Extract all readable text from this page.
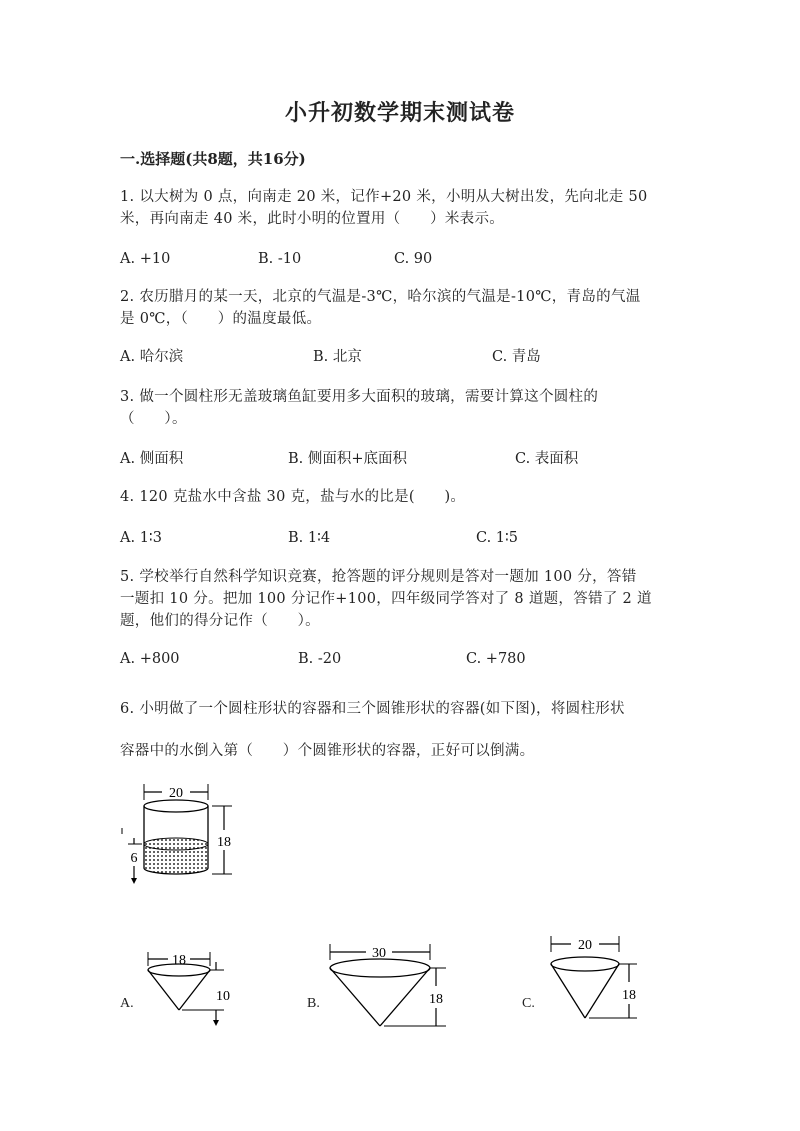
小升初数学期末测试卷
一.选择题(共8题，共16分)
1. 以大树为 0 点，向南走 20 米，记作+20 米，小明从大树出发，先向北走 50
米，再向南走 40 米，此时小明的位置用（　　）米表示。
A. +10	B. -10	C. 90
2. 农历腊月的某一天，北京的气温是-3℃，哈尔滨的气温是-10℃，青岛的气温
是 0℃，（　　）的温度最低。
A. 哈尔滨	B. 北京	C. 青岛
3. 做一个圆柱形无盖玻璃鱼缸要用多大面积的玻璃，需要计算这个圆柱的
（　　）。
A. 侧面积	B. 侧面积+底面积	C. 表面积
4. 120 克盐水中含盐 30 克，盐与水的比是(　　)。
A. 1∶3	B. 1∶4	C. 1∶5
5. 学校举行自然科学知识竞赛，抢答题的评分规则是答对一题加 100 分，答错
一题扣 10 分。把加 100 分记作+100，四年级同学答对了 8 道题，答错了 2 道
题，他们的得分记作（　　）。
A. +800	B. -20	C. +780
6. 小明做了一个圆柱形状的容器和三个圆锥形状的容器(如下图)，将圆柱形状
容器中的水倒入第（　　）个圆锥形状的容器，正好可以倒满。
20
18
6
A.
18
10	B.
30
18	C.
20
18
